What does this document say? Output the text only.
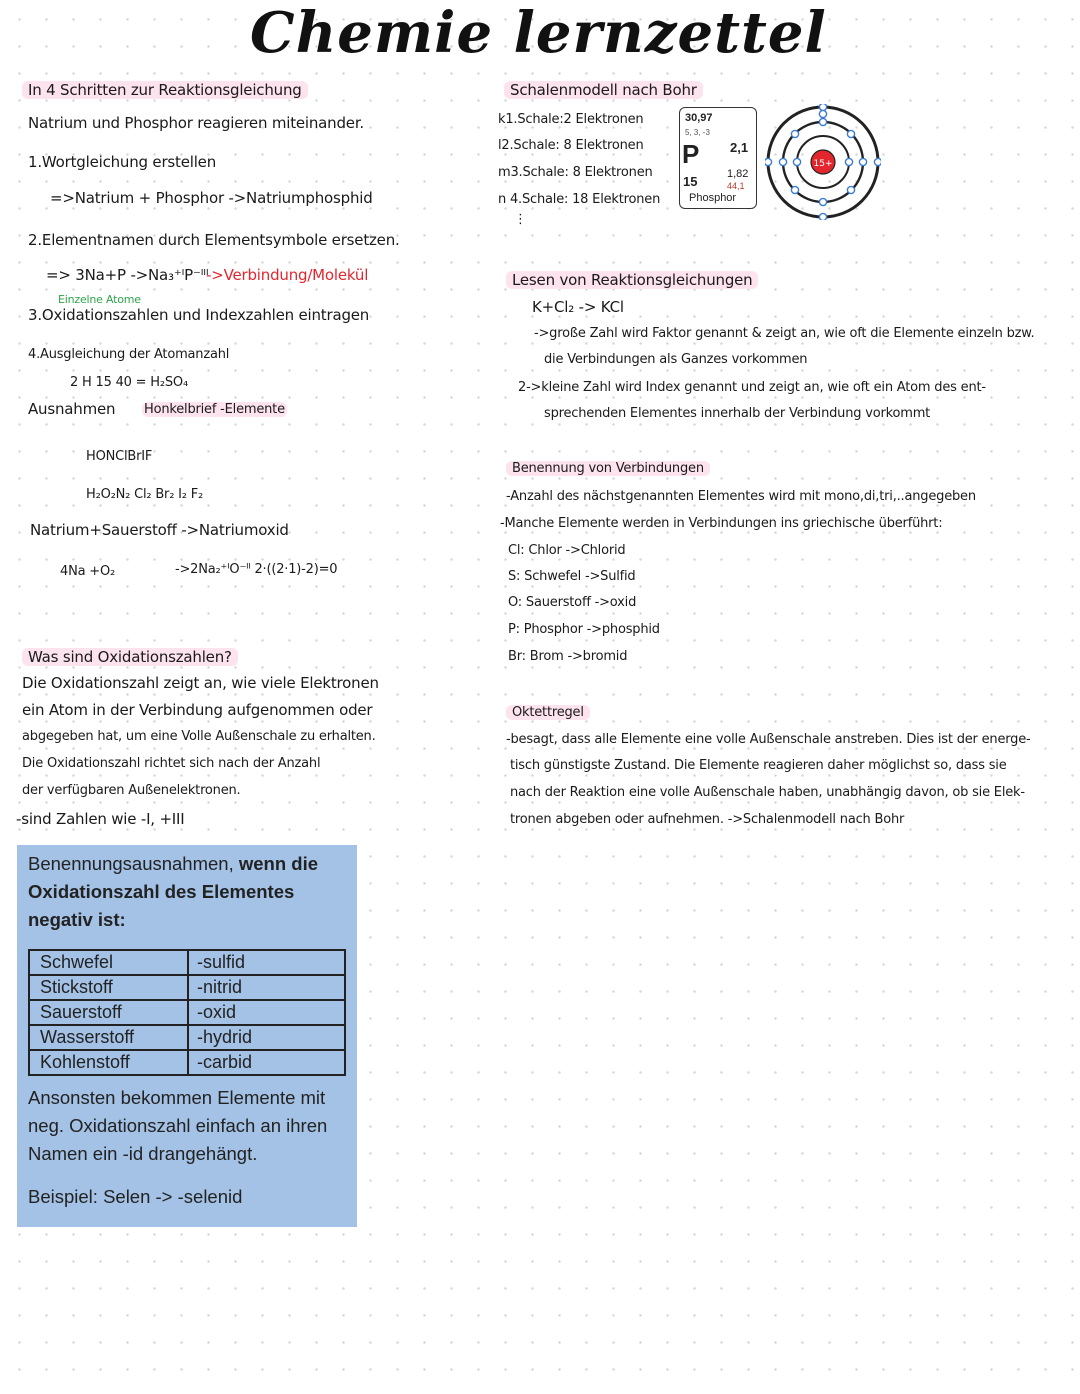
Chemie lernzettel
In 4 Schritten zur Reaktionsgleichung
Natrium und Phosphor reagieren miteinander.
1.Wortgleichung erstellen
=>Natrium + Phosphor ->Natriumphosphid
2.Elementnamen durch Elementsymbole ersetzen.
=> 3Na+P ->Na₃⁺ᴵP⁻ᴵᴵᴵ
->Verbindung/Molekül
Einzelne Atome
3.Oxidationszahlen und Indexzahlen eintragen
4.Ausgleichung der Atomanzahl
2 H 15 40 = H₂SO₄
Ausnahmen Honkelbrief -Elemente
HONClBrIF
H₂O₂N₂ Cl₂ Br₂ I₂ F₂
Natrium+Sauerstoff ->Natriumoxid
4Na +O₂	->2Na₂⁺ᴵO⁻ᴵᴵ 2·((2·1)-2)=0
Was sind Oxidationszahlen?
Die Oxidationszahl zeigt an, wie viele Elektronen
ein Atom in der Verbindung aufgenommen oder
abgegeben hat, um eine Volle Außenschale zu erhalten.
Die Oxidationszahl richtet sich nach der Anzahl
der verfügbaren Außenelektronen.
-sind Zahlen wie -I, +III
Benennungsausnahmen, wenn die
Oxidationszahl des Elementes
negativ ist:
Schwefel	-sulfid
Stickstoff	-nitrid
Sauerstoff	-oxid
Wasserstoff	-hydrid
Kohlenstoff	-carbid
Ansonsten bekommen Elemente mit
neg. Oxidationszahl einfach an ihren
Namen ein -id drangehängt.
Beispiel: Selen -> -selenid
Schalenmodell nach Bohr
k1.Schale:2 Elektronen
l2.Schale: 8 Elektronen
m3.Schale: 8 Elektronen
n 4.Schale: 18 Elektronen
⋮
30,97
5, 3, -3
P 2,1
15	1,82
44,1
Phosphor
15+
Lesen von Reaktionsgleichungen
K+Cl₂ -> KCl
->große Zahl wird Faktor genannt & zeigt an, wie oft die Elemente einzeln bzw.
die Verbindungen als Ganzes vorkommen
2->kleine Zahl wird Index genannt und zeigt an, wie oft ein Atom des ent-
sprechenden Elementes innerhalb der Verbindung vorkommt
Benennung von Verbindungen
-Anzahl des nächstgenannten Elementes wird mit mono,di,tri,..angegeben
-Manche Elemente werden in Verbindungen ins griechische überführt:
Cl: Chlor ->Chlorid
S: Schwefel ->Sulfid
O: Sauerstoff ->oxid
P: Phosphor ->phosphid
Br: Brom ->bromid
Oktettregel
-besagt, dass alle Elemente eine volle Außenschale anstreben. Dies ist der energe-
tisch günstigste Zustand. Die Elemente reagieren daher möglichst so, dass sie
nach der Reaktion eine volle Außenschale haben, unabhängig davon, ob sie Elek-
tronen abgeben oder aufnehmen. ->Schalenmodell nach Bohr
